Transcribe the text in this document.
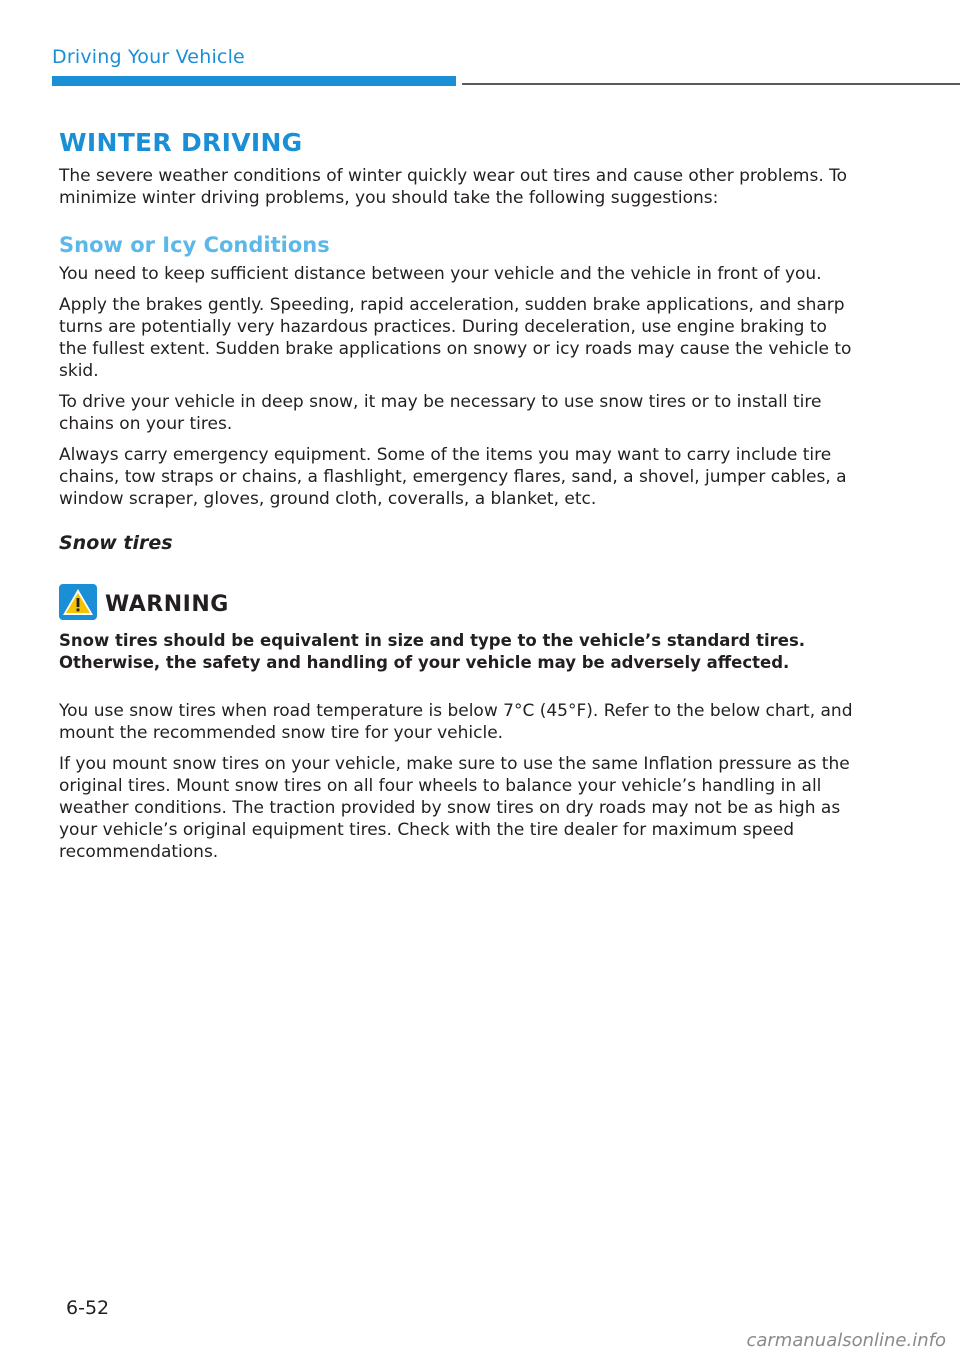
Driving Your Vehicle
WINTER DRIVING

The severe weather conditions of winter quickly wear out tires and cause other problems. To minimize winter driving problems, you should take the following suggestions:

Snow or Icy Conditions

You need to keep sufficient distance between your vehicle and the vehicle in front of you.

Apply the brakes gently. Speeding, rapid acceleration, sudden brake applications, and sharp turns are potentially very hazardous practices. During deceleration, use engine braking to the fullest extent. Sudden brake applications on snowy or icy roads may cause the vehicle to skid.

To drive your vehicle in deep snow, it may be necessary to use snow tires or to install tire chains on your tires.

Always carry emergency equipment. Some of the items you may want to carry include tire chains, tow straps or chains, a flashlight, emergency flares, sand, a shovel, jumper cables, a window scraper, gloves, ground cloth, coveralls, a blanket, etc.

Snow tires
WARNING

Snow tires should be equivalent in size and type to the vehicle’s standard tires. Otherwise, the safety and handling of your vehicle may be adversely affected.

You use snow tires when road temperature is below 7°C (45°F). Refer to the below chart, and mount the recommended snow tire for your vehicle.

If you mount snow tires on your vehicle, make sure to use the same Inflation pressure as the original tires. Mount snow tires on all four wheels to balance your vehicle’s handling in all weather conditions. The traction provided by snow tires on dry roads may not be as high as your vehicle’s original equipment tires. Check with the tire dealer for maximum speed recommendations.

6-52
carmanualsonline.info
